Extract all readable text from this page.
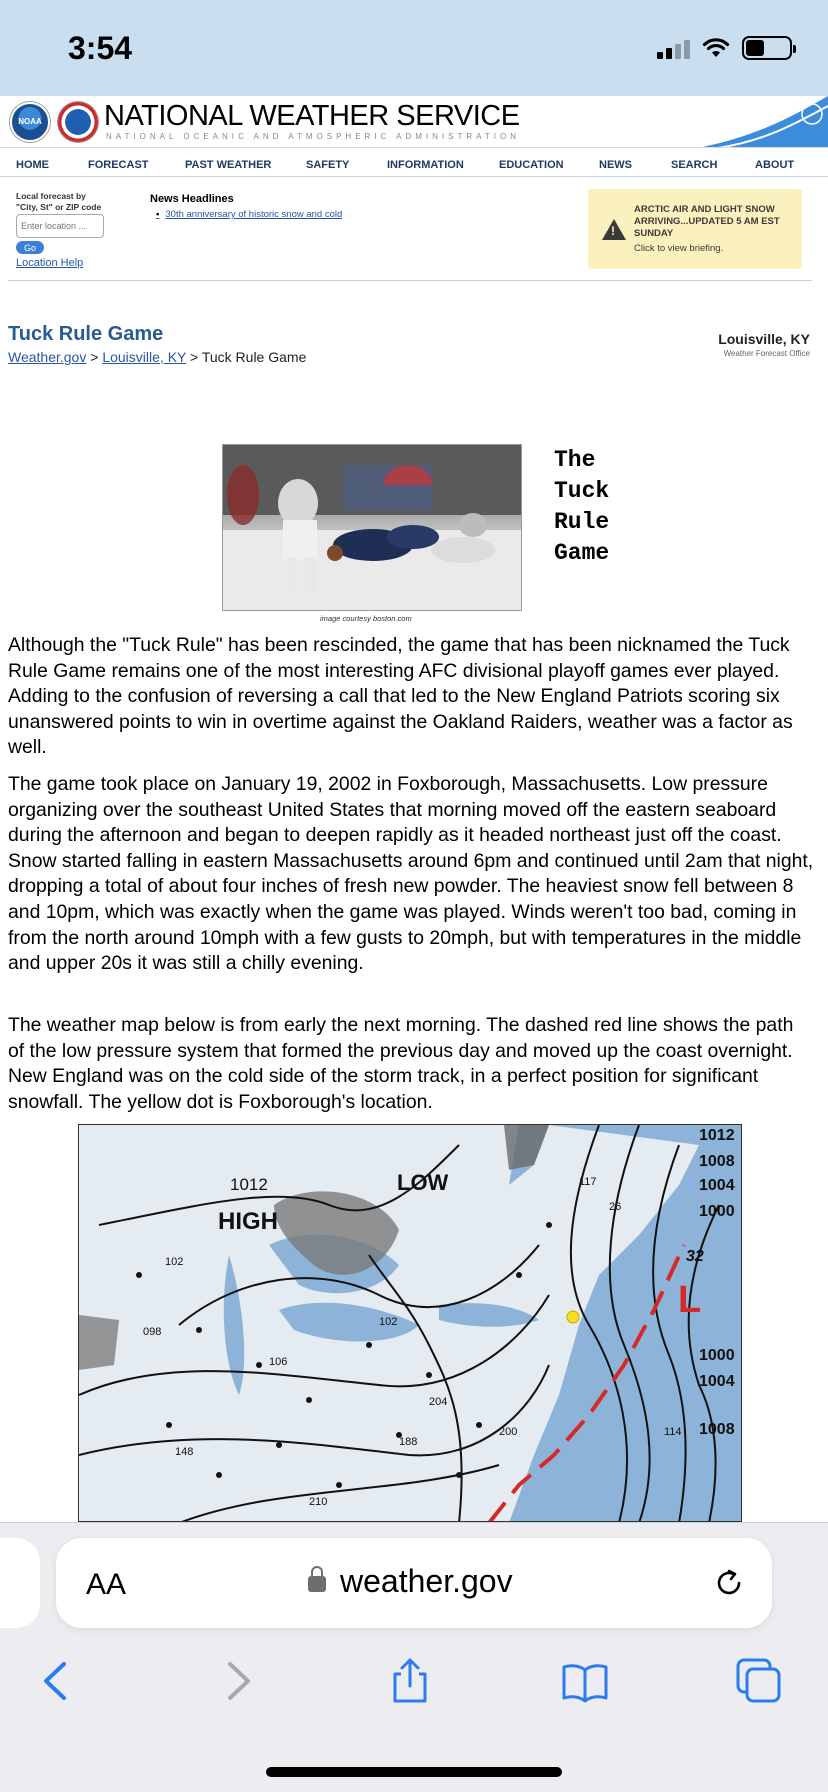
3:54
NOAA NATIONAL WEATHER SERVICE
NATIONAL OCEANIC AND ATMOSPHERIC ADMINISTRATION
HOME	FORECAST	PAST WEATHER	SAFETY	INFORMATION	EDUCATION	NEWS	SEARCH	ABOUT
Local forecast by
"City, St" or ZIP code
Enter location ...
Go
Location Help
News Headlines
▪ 30th anniversary of historic snow and cold
!
ARCTIC AIR AND LIGHT SNOW ARRIVING...UPDATED 5 AM EST SUNDAY
Click to view briefing.
Tuck Rule Game
Weather.gov > Louisville, KY > Tuck Rule Game
Louisville, KY
Weather Forecast Office
image courtesy boston.com
The Tuck Rule Game

Although the "Tuck Rule" has been rescinded, the game that has been nicknamed the Tuck Rule Game remains one of the most interesting AFC divisional playoff games ever played. Adding to the confusion of reversing a call that led to the New England Patriots scoring six unanswered points to win in overtime against the Oakland Raiders, weather was a factor as well.

The game took place on January 19, 2002 in Foxborough, Massachusetts. Low pressure organizing over the southeast United States that morning moved off the eastern seaboard during the afternoon and began to deepen rapidly as it headed northeast just off the coast. Snow started falling in eastern Massachusetts around 6pm and continued until 2am that night, dropping a total of about four inches of fresh new powder. The heaviest snow fell between 8 and 10pm, which was exactly when the game was played. Winds weren't too bad, coming in from the north around 10mph with a few gusts to 20mph, but with temperatures in the middle and upper 20s it was still a chilly evening.

The weather map below is from early the next morning. The dashed red line shows the path of the low pressure system that formed the previous day and moved up the coast overnight. New England was on the cold side of the storm track, in a perfect position for significant snowfall. The yellow dot is Foxborough's location.

102
098
106
102
204
200
148
210
188
117
26
114
HIGH
LOW
L
1012
32
1012
1008
1004
1000
1000
1004
1008
AA	weather.gov
